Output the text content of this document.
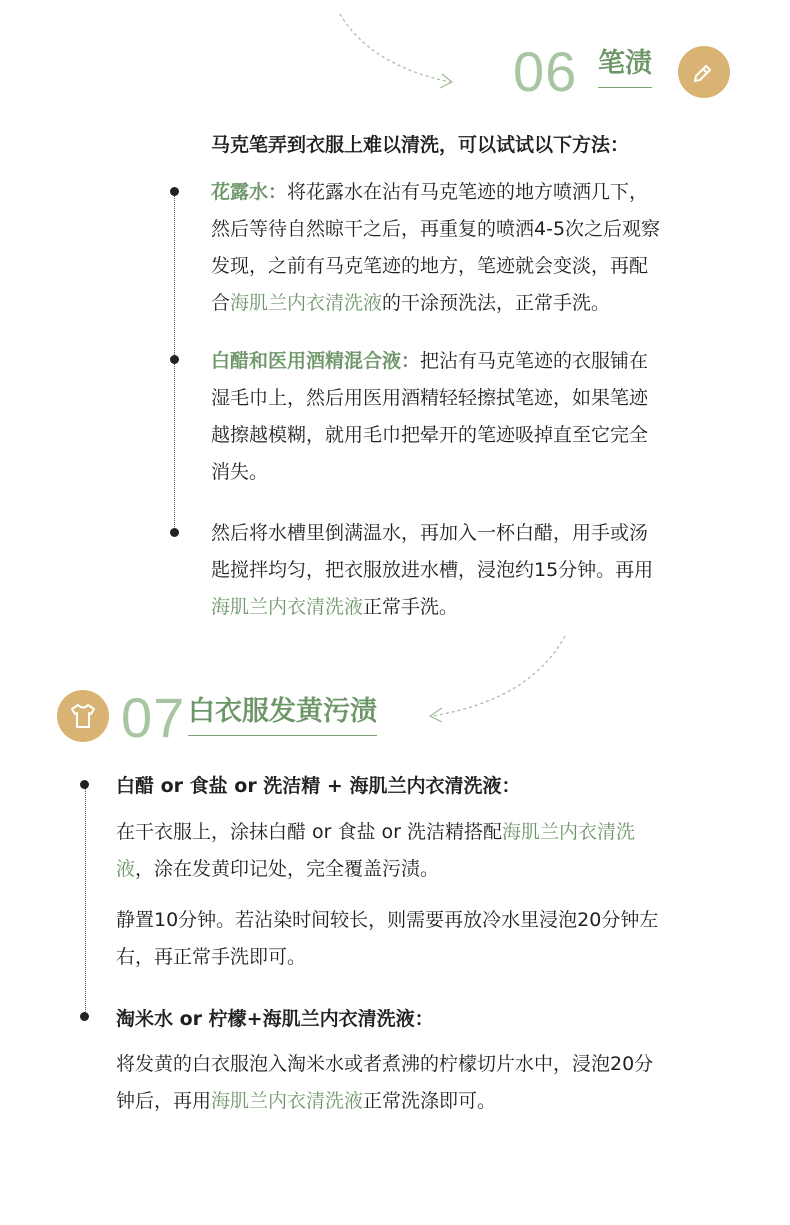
06 笔渍
马克笔弄到衣服上难以清洗，可以试试以下方法：
花露水：将花露水在沾有马克笔迹的地方喷洒几下，然后等待自然晾干之后，再重复的喷洒4-5次之后观察发现，之前有马克笔迹的地方，笔迹就会变淡，再配合海肌兰内衣清洗液的干涂预洗法，正常手洗。
白醋和医用酒精混合液：把沾有马克笔迹的衣服铺在湿毛巾上，然后用医用酒精轻轻擦拭笔迹，如果笔迹越擦越模糊，就用毛巾把晕开的笔迹吸掉直至它完全消失。
然后将水槽里倒满温水，再加入一杯白醋，用手或汤匙搅拌均匀，把衣服放进水槽，浸泡约15分钟。再用海肌兰内衣清洗液正常手洗。
07 白衣服发黄污渍
白醋 or 食盐 or 洗洁精 + 海肌兰内衣清洗液：
在干衣服上，涂抹白醋 or 食盐 or 洗洁精搭配海肌兰内衣清洗液，涂在发黄印记处，完全覆盖污渍。
静置10分钟。若沾染时间较长，则需要再放冷水里浸泡20分钟左右，再正常手洗即可。
淘米水 or 柠檬+海肌兰内衣清洗液：
将发黄的白衣服泡入淘米水或者煮沸的柠檬切片水中，浸泡20分钟后，再用海肌兰内衣清洗液正常洗涤即可。
